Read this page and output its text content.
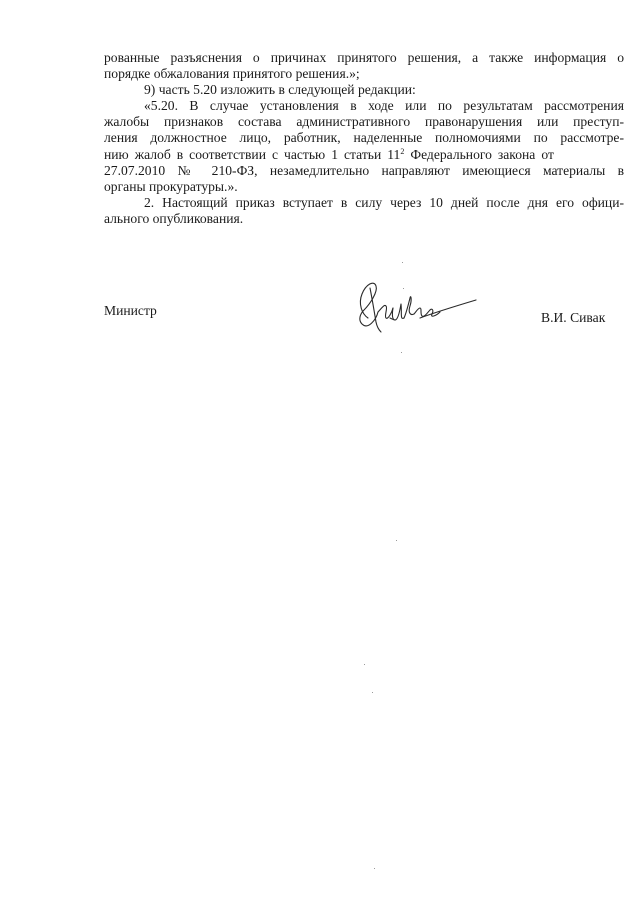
рованные разъяснения о причинах принятого решения, а также информация о
порядке обжалования принятого решения.»;
9) часть 5.20 изложить в следующей редакции:
«5.20. В случае установления в ходе или по результатам рассмотрения
жалобы признаков состава административного правонарушения или преступ-
ления должностное лицо, работник, наделенные полномочиями по рассмотре-
нию жалоб в соответствии с частью 1 статьи $11^2$ Федерального закона от
27.07.2010 № 210-ФЗ, незамедлительно направляют имеющиеся материалы в
органы прокуратуры.».
2. Настоящий приказ вступает в силу через 10 дней после дня его офици-
ального опубликования.
Министр	В.И. Сивак
